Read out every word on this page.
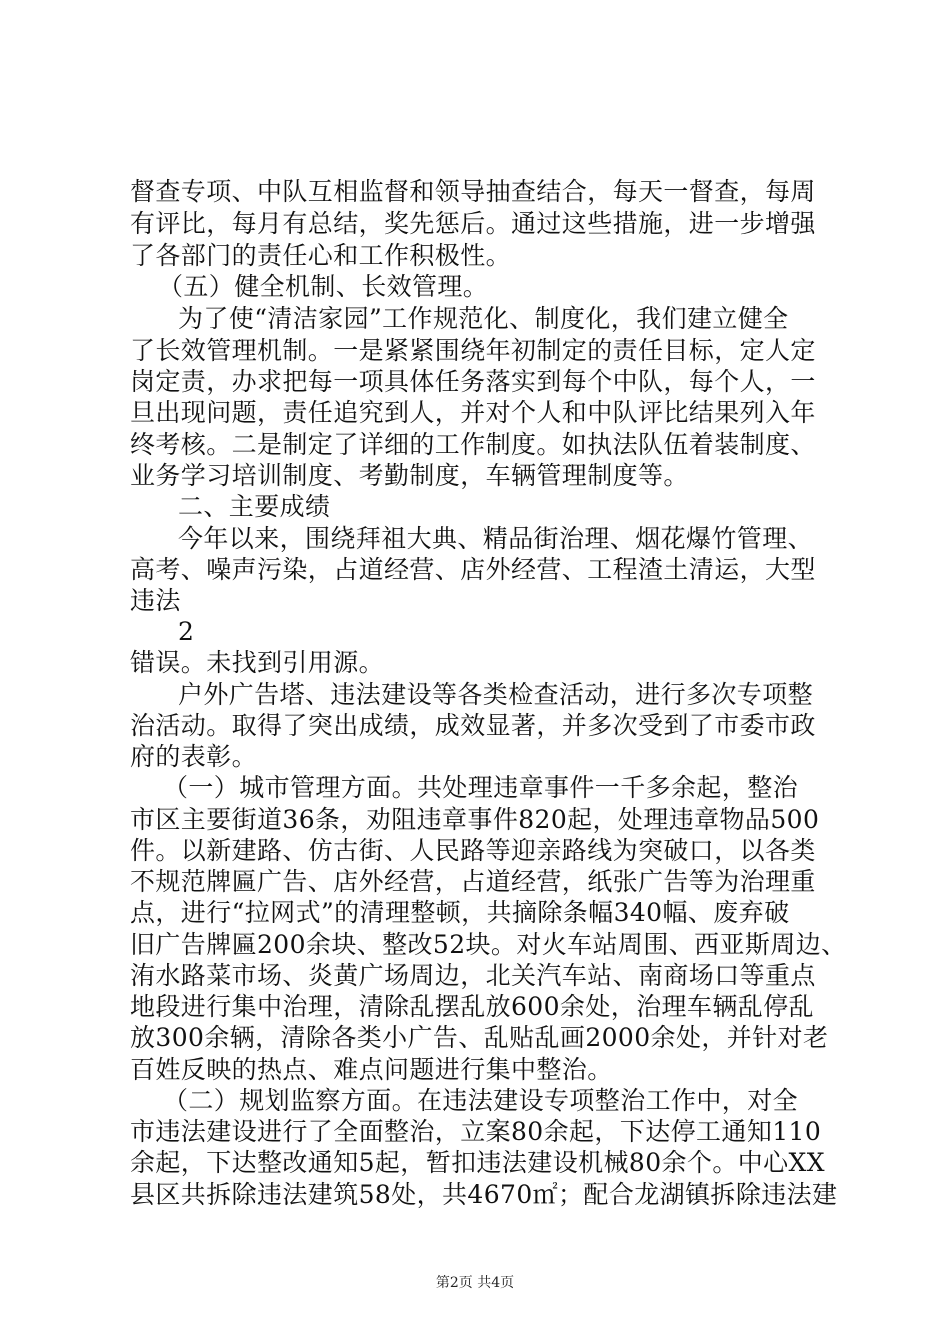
督查专项、中队互相监督和领导抽查结合，每天一督查，每周
有评比，每月有总结，奖先惩后。通过这些措施，进一步增强
了各部门的责任心和工作积极性。
（五）健全机制、长效管理。
为了使“清洁家园”工作规范化、制度化，我们建立健全
了长效管理机制。一是紧紧围绕年初制定的责任目标，定人定
岗定责，办求把每一项具体任务落实到每个中队，每个人，一
旦出现问题，责任追究到人，并对个人和中队评比结果列入年
终考核。二是制定了详细的工作制度。如执法队伍着装制度、
业务学习培训制度、考勤制度，车辆管理制度等。
二、主要成绩
今年以来，围绕拜祖大典、精品街治理、烟花爆竹管理、
高考、噪声污染，占道经营、店外经营、工程渣土清运，大型
违法
2
错误。未找到引用源。
户外广告塔、违法建设等各类检查活动，进行多次专项整
治活动。取得了突出成绩，成效显著，并多次受到了市委市政
府的表彰。
（一）城市管理方面。共处理违章事件一千多余起，整治
市区主要街道36条，劝阻违章事件820起，处理违章物品500
件。以新建路、仿古街、人民路等迎亲路线为突破口，以各类
不规范牌匾广告、店外经营，占道经营，纸张广告等为治理重
点，进行“拉网式”的清理整顿，共摘除条幅340幅、废弃破
旧广告牌匾200余块、整改52块。对火车站周围、西亚斯周边、
洧水路菜市场、炎黄广场周边，北关汽车站、南商场口等重点
地段进行集中治理，清除乱摆乱放600余处，治理车辆乱停乱
放300余辆，清除各类小广告、乱贴乱画2000余处，并针对老
百姓反映的热点、难点问题进行集中整治。
（二）规划监察方面。在违法建设专项整治工作中，对全
市违法建设进行了全面整治，立案80余起，下达停工通知110
余起，下达整改通知5起，暂扣违法建设机械80余个。中心XX
县区共拆除违法建筑58处，共4670㎡；配合龙湖镇拆除违法建
第2页 共4页
